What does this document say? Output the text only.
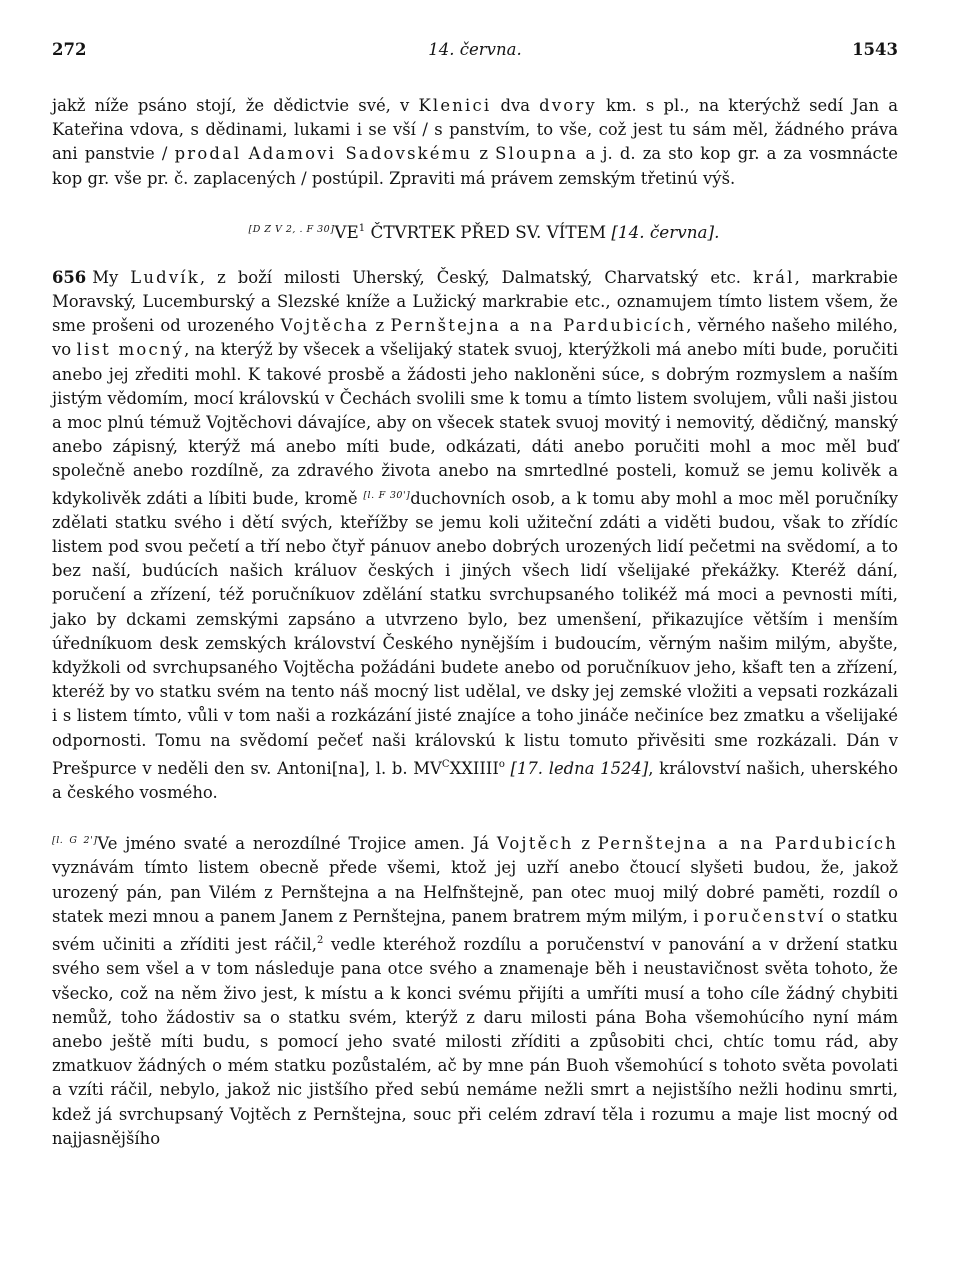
272	14. června.	1543

jakž níže psáno stojí, že dědictvie své, v Klenici dva dvory km. s pl., na kterýchž sedí Jan a Kateřina vdova, s dědinami, lukami i se vší / s panstvím, to vše, což jest tu sám měl, žádného práva ani panstvie / prodal Adamovi Sadovskému z Sloupna a j. d. za sto kop gr. a za vosmnácte kop gr. vše pr. č. zaplacených / postúpil. Zpraviti má právem zemským třetinú výš.

$[D Z V 2, . F 30]VE^1$ ČTVRTEK PŘED SV. VÍTEM [14. června].

656 My Ludvík, z boží milosti Uherský, Český, Dalmatský, Charvatský etc. král, markrabie Moravský, Lucemburský a Slezské kníže a Lužický markrabie etc., oznamujem tímto listem všem, že sme prošeni od urozeného Vojtěcha z Pernštejna a na Pardubicích, věrného našeho milého, vo list mocný, na kterýž by všecek a všelijaký statek svuoj, kterýžkoli má anebo míti bude, poručiti anebo jej zřediti mohl. K takové prosbě a žádosti jeho nakloněni súce, s dobrým rozmyslem a naším jistým vědomím, mocí královskú v Čechách svolili sme k tomu a tímto listem svolujem, vůli naši jistou a moc plnú témuž Vojtěchovi dávajíce, aby on všecek statek svuoj movitý i nemovitý, dědičný, manský anebo zápisný, kterýž má anebo míti bude, odkázati, dáti anebo poručiti mohl a moc měl buď společně anebo rozdílně, za zdravého života anebo na smrtedlné posteli, komuž se jemu kolivěk a kdykolivěk zdáti a líbiti bude, kromě [l. F 30']duchovních osob, a k tomu aby mohl a moc měl poručníky zdělati statku svého i dětí svých, kteřížby se jemu koli užiteční zdáti a viděti budou, však to zřídíc listem pod svou pečetí a tří nebo čtyř pánuov anebo dobrých urozených lidí pečetmi na svědomí, a to bez naší, budúcích našich králuov českých i jiných všech lidí všelijaké překážky. Kteréž dání, poručení a zřízení, též poručníkuov zdělání statku svrchupsaného tolikéž má moci a pevnosti míti, jako by dckami zemskými zapsáno a utvrzeno bylo, bez umenšení, přikazujíce větším i menším úředníkuom desk zemských království Českého nynějším i budoucím, věrným našim milým, abyšte, kdyžkoli od svrchupsaného Vojtěcha požádáni budete anebo od poručníkuov jeho, kšaft ten a zřízení, kteréž by vo statku svém na tento náš mocný list udělal, ve dsky jej zemské vložiti a vepsati rozkázali i s listem tímto, vůli v tom naši a rozkázání jisté znajíce a toho jináče nečiníce bez zmatku a všelijaké odpornosti. Tomu na svědomí pečeť naši královskú k listu tomuto přivěsiti sme rozkázali. Dán v Prešpurce v neděli den sv. Antoni[na], l. b. $MV^CXXIIII^o$ [17. ledna 1524], království našich, uherského a českého vosmého.

[l. G 2']Ve jméno svaté a nerozdílné Trojice amen. Já Vojtěch z Pernštejna a na Pardubicích vyznávám tímto listem obecně přede všemi, ktož jej uzří anebo čtoucí slyšeti budou, že, jakož urozený pán, pan Vilém z Pernštejna a na Helfnštejně, pan otec muoj milý dobré paměti, rozdíl o statek mezi mnou a panem Janem z Pernštejna, panem bratrem mým milým, i poručenství o statku svém učiniti a zříditi jest ráčil,$^2$ vedle kteréhož rozdílu a poručenství v panování a v držení statku svého sem všel a v tom následuje pana otce svého a znamenaje běh i neustavičnost světa tohoto, že všecko, což na něm živo jest, k místu a k konci svému přijíti a umříti musí a toho cíle žádný chybiti nemůž, toho žádostiv sa o statku svém, kterýž z daru milosti pána Boha všemohúcího nyní mám anebo ještě míti budu, s pomocí jeho svaté milosti zříditi a způsobiti chci, chtíc tomu rád, aby zmatkuov žádných o mém statku pozůstalém, ač by mne pán Buoh všemohúcí s tohoto světa povolati a vzíti ráčil, nebylo, jakož nic jistšího před sebú nemáme nežli smrt a nejistšího nežli hodinu smrti, kdež já svrchupsaný Vojtěch z Pernštejna, souc při celém zdraví těla i rozumu a maje list mocný od najjasnějšího
